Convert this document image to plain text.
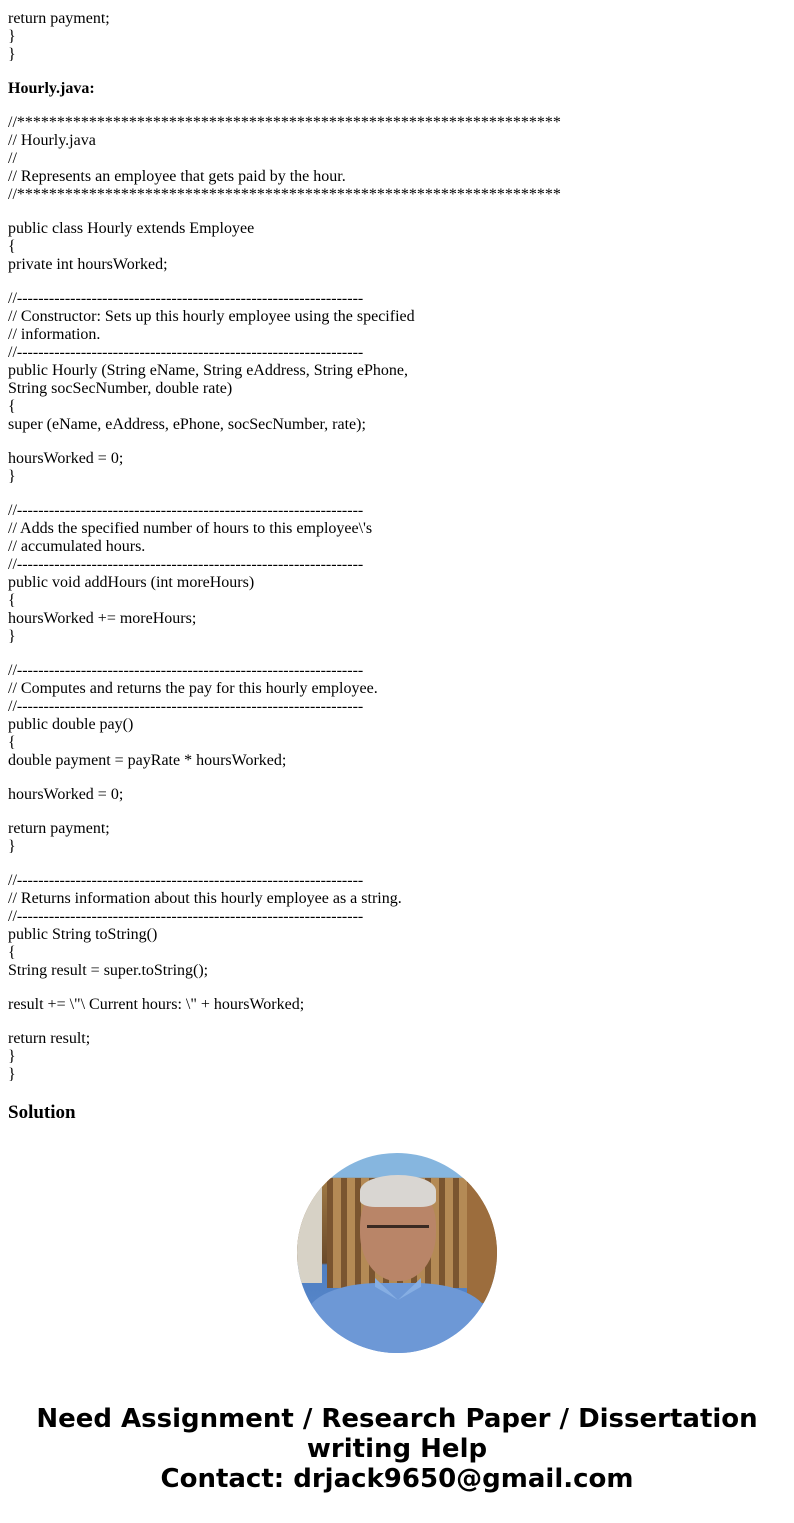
return payment;
}
}
Hourly.java:
//********************************************************************
// Hourly.java
//
// Represents an employee that gets paid by the hour.
//********************************************************************
public class Hourly extends Employee
{
private int hoursWorked;
//-----------------------------------------------------------------
// Constructor: Sets up this hourly employee using the specified
// information.
//-----------------------------------------------------------------
public Hourly (String eName, String eAddress, String ePhone,
String socSecNumber, double rate)
{
super (eName, eAddress, ePhone, socSecNumber, rate);
hoursWorked = 0;
}
//-----------------------------------------------------------------
// Adds the specified number of hours to this employee\'s
// accumulated hours.
//-----------------------------------------------------------------
public void addHours (int moreHours)
{
hoursWorked += moreHours;
}
//-----------------------------------------------------------------
// Computes and returns the pay for this hourly employee.
//-----------------------------------------------------------------
public double pay()
{
double payment = payRate * hoursWorked;
hoursWorked = 0;
return payment;
}
//-----------------------------------------------------------------
// Returns information about this hourly employee as a string.
//-----------------------------------------------------------------
public String toString()
{
String result = super.toString();
result += \"\ Current hours: \" + hoursWorked;
return result;
}
}
Solution
Need Assignment / Research Paper / Dissertation
writing Help
Contact: drjack9650@gmail.com
